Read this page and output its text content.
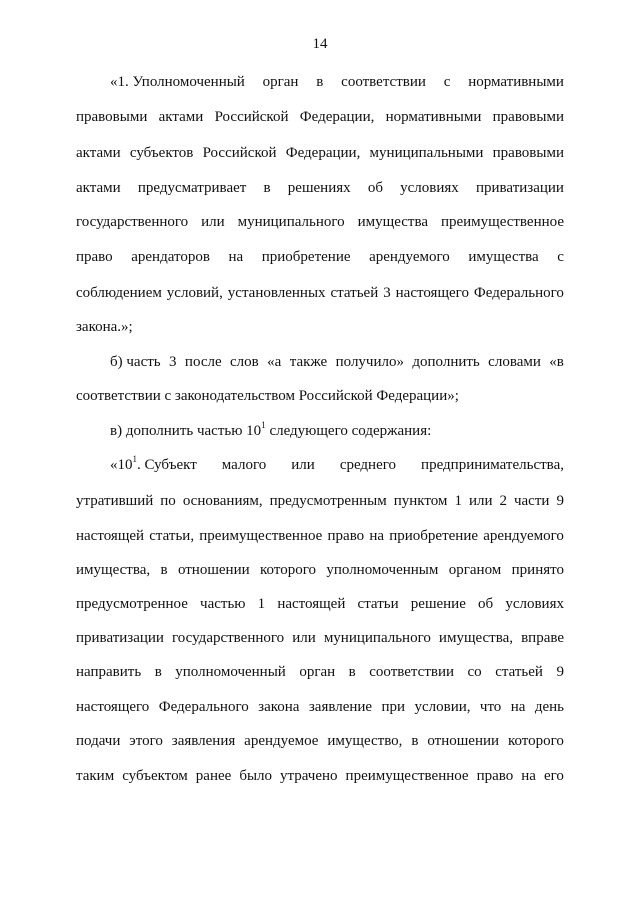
14
«1. Уполномоченный орган в соответствии с нормативными
правовыми актами Российской Федерации, нормативными правовыми
актами субъектов Российской Федерации, муниципальными правовыми
актами предусматривает в решениях об условиях приватизации
государственного или муниципального имущества преимущественное
право арендаторов на приобретение арендуемого имущества с
соблюдением условий, установленных статьей 3 настоящего Федерального
закона.»;
б) часть 3 после слов «а также получило» дополнить словами «в
соответствии с законодательством Российской Федерации»;
в) дополнить частью $10^1$ следующего содержания:
«$10^1$. Субъект малого или среднего предпринимательства,
утративший по основаниям, предусмотренным пунктом 1 или 2 части 9
настоящей статьи, преимущественное право на приобретение арендуемого
имущества, в отношении которого уполномоченным органом принято
предусмотренное частью 1 настоящей статьи решение об условиях
приватизации государственного или муниципального имущества, вправе
направить в уполномоченный орган в соответствии со статьей 9
настоящего Федерального закона заявление при условии, что на день
подачи этого заявления арендуемое имущество, в отношении которого
таким субъектом ранее было утрачено преимущественное право на его
